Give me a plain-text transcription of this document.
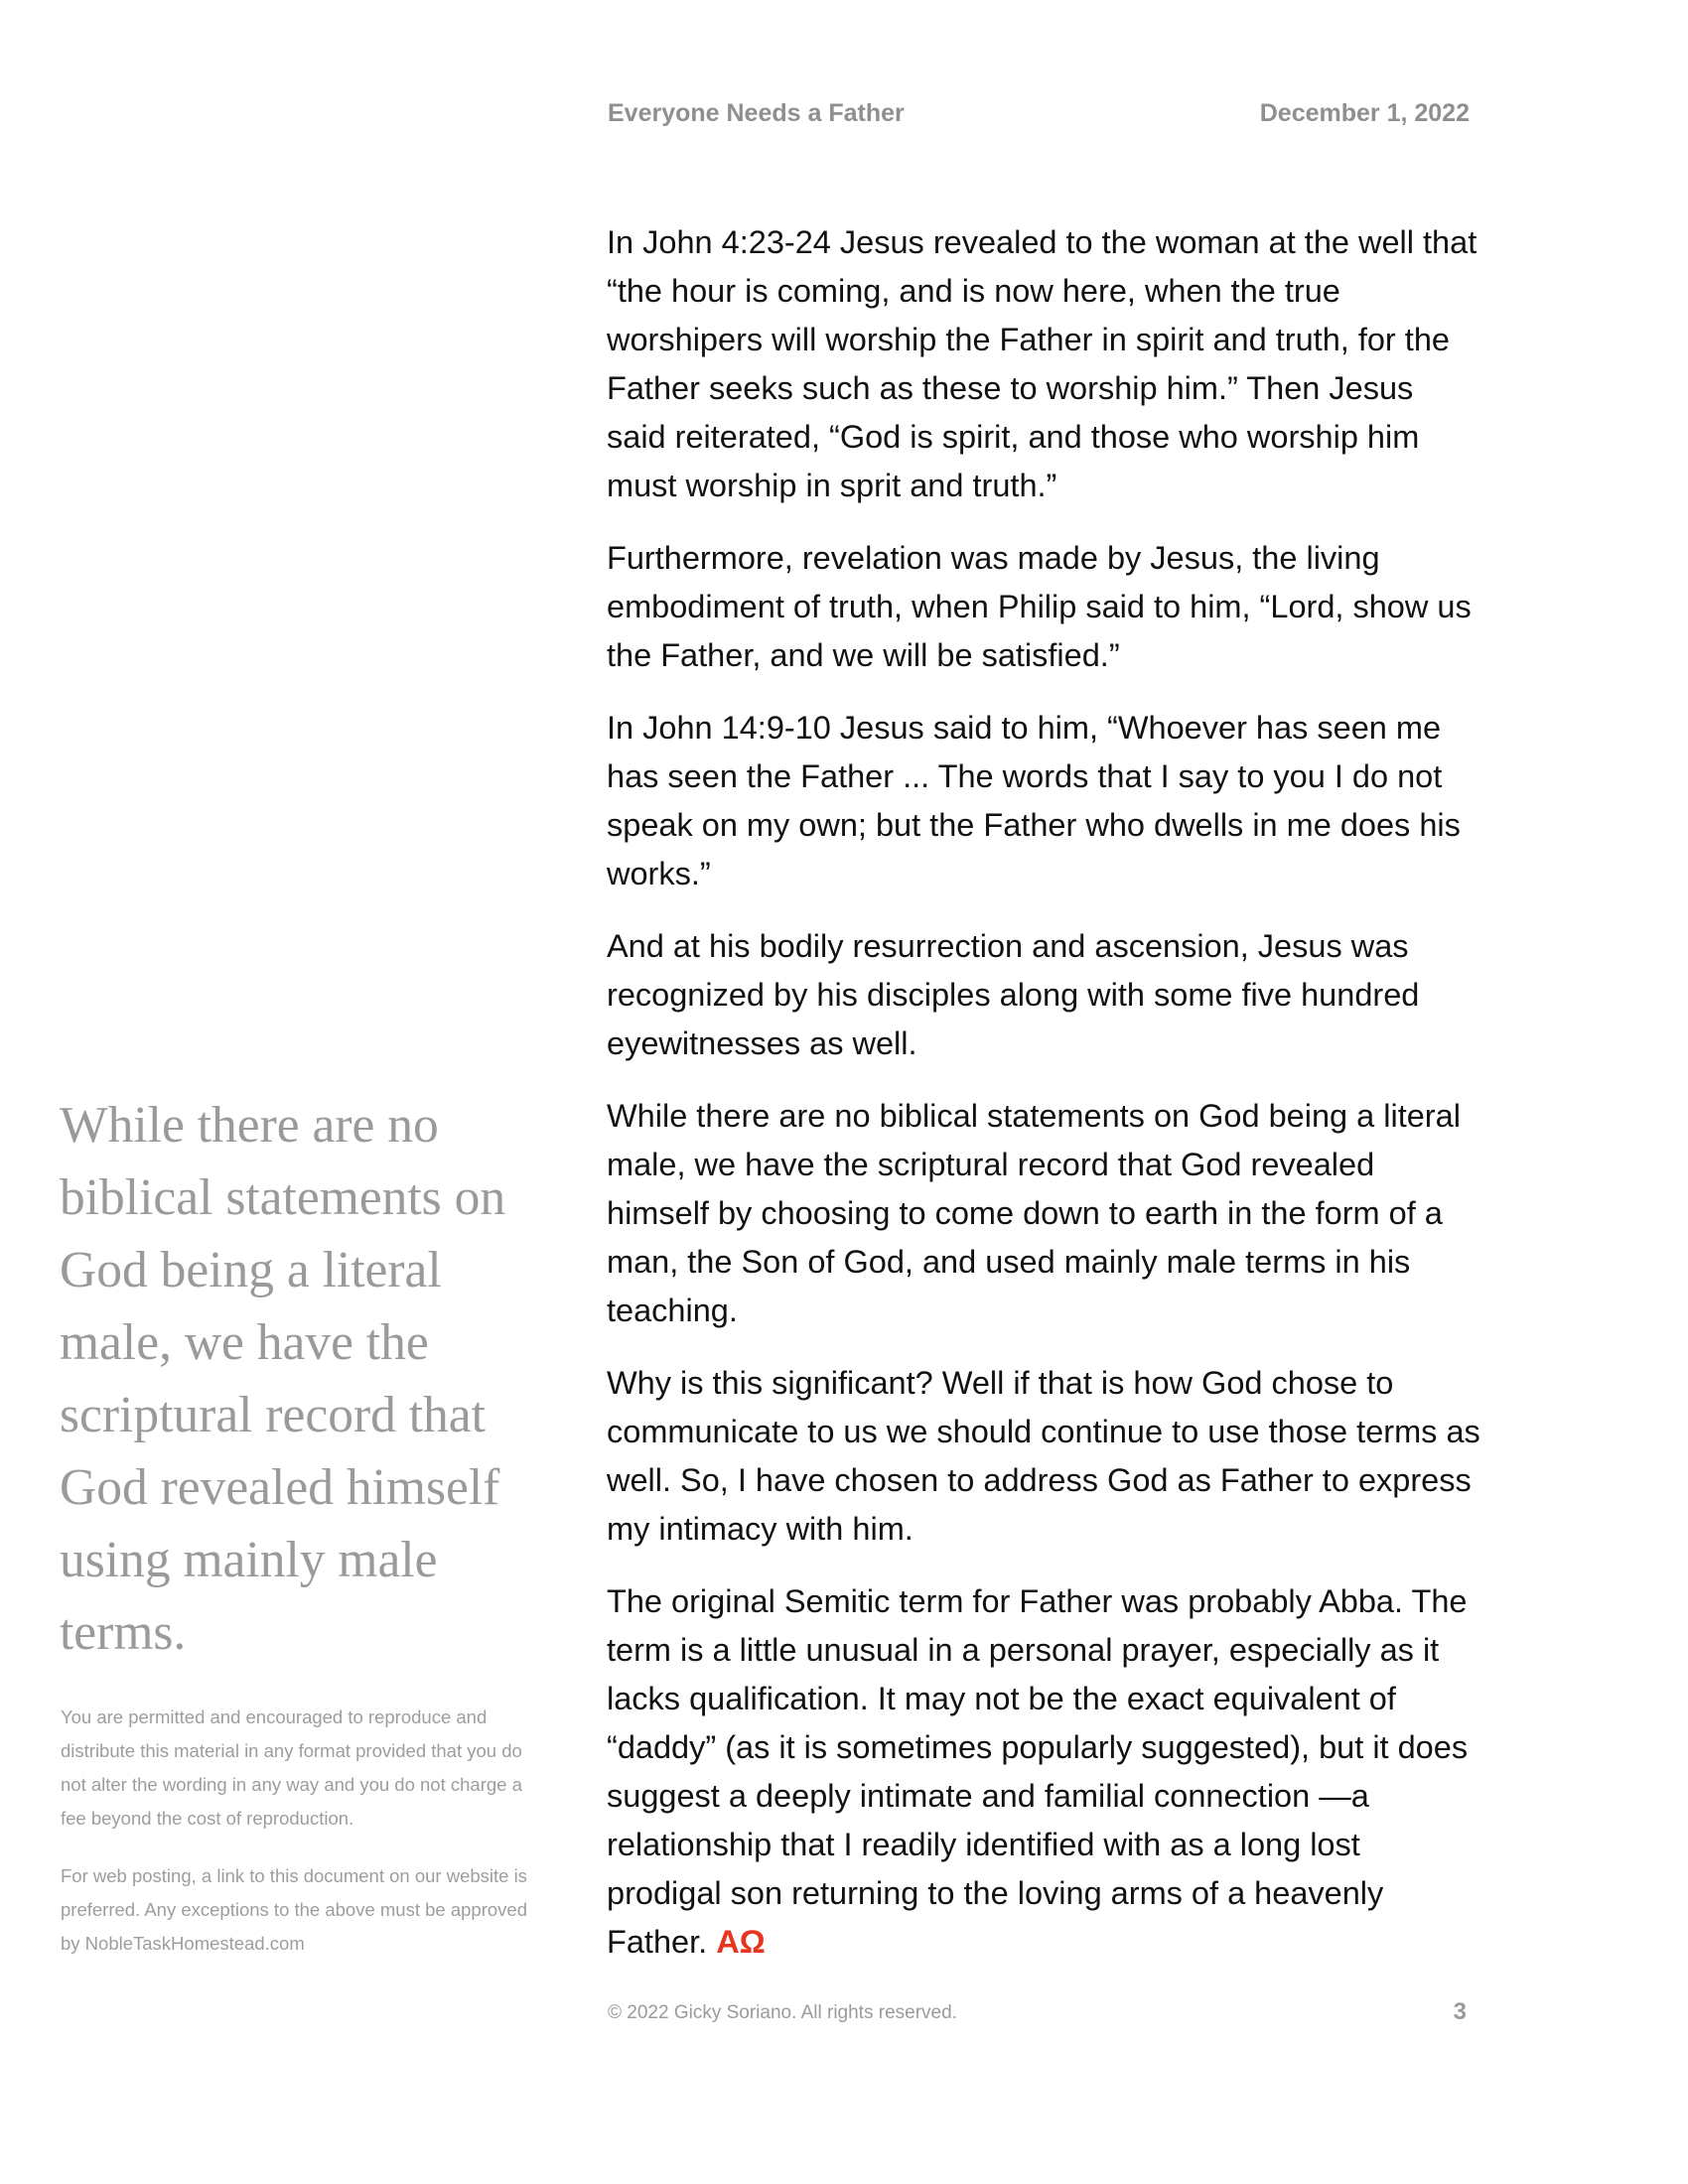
Everyone Needs a Father	December 1, 2022

In John 4:23-24 Jesus revealed to the woman at the well that “the hour is coming, and is now here, when the true worshipers will worship the Father in spirit and truth, for the Father seeks such as these to worship him.” Then Jesus said reiterated, “God is spirit, and those who worship him must worship in sprit and truth.”

Furthermore, revelation was made by Jesus, the living embodiment of truth, when Philip said to him, “Lord, show us the Father, and we will be satisfied.”

In John 14:9-10 Jesus said to him, “Whoever has seen me has seen the Father ... The words that I say to you I do not speak on my own; but the Father who dwells in me does his works.”

And at his bodily resurrection and ascension, Jesus was recognized by his disciples along with some five hundred eyewitnesses as well.

While there are no biblical statements on God being a literal male, we have the scriptural record that God revealed himself by choosing to come down to earth in the form of a man, the Son of God, and used mainly male terms in his teaching.

Why is this significant? Well if that is how God chose to communicate to us we should continue to use those terms as well. So, I have chosen to address God as Father to express my intimacy with him.

The original Semitic term for Father was probably Abba. The term is a little unusual in a personal prayer, especially as it lacks qualification. It may not be the exact equivalent of “daddy” (as it is sometimes popularly suggested), but it does suggest a deeply intimate and familial connection —a relationship that I readily identified with as a long lost prodigal son returning to the loving arms of a heavenly Father. AΩ

While there are no biblical statements on God being a literal male, we have the scriptural record that God revealed himself using mainly male terms.

You are permitted and encouraged to reproduce and distribute this material in any format provided that you do not alter the wording in any way and you do not charge a fee beyond the cost of reproduction.

For web posting, a link to this document on our website is preferred. Any exceptions to the above must be approved by NobleTaskHomestead.com

© 2022 Gicky Soriano. All rights reserved.	3
